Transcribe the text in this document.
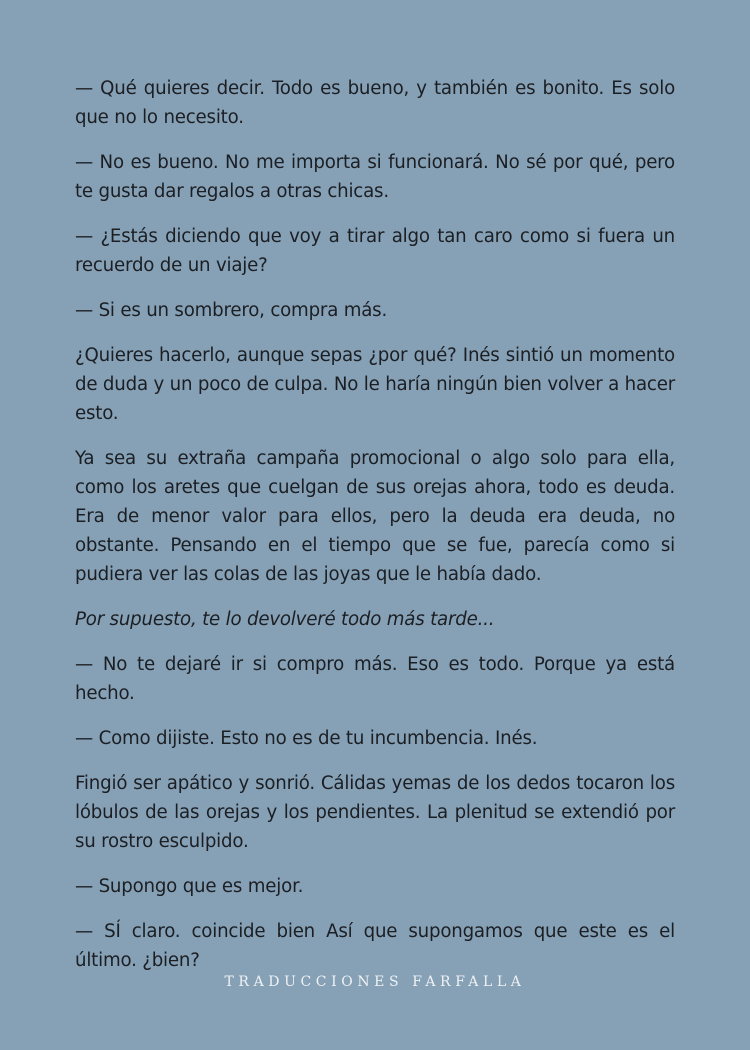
— Qué quieres decir. Todo es bueno, y también es bonito. Es solo que no lo necesito.

— No es bueno. No me importa si funcionará. No sé por qué, pero te gusta dar regalos a otras chicas.

— ¿Estás diciendo que voy a tirar algo tan caro como si fuera un recuerdo de un viaje?

— Si es un sombrero, compra más.

¿Quieres hacerlo, aunque sepas ¿por qué? Inés sintió un momento de duda y un poco de culpa. No le haría ningún bien volver a hacer esto.

Ya sea su extraña campaña promocional o algo solo para ella, como los aretes que cuelgan de sus orejas ahora, todo es deuda. Era de menor valor para ellos, pero la deuda era deuda, no obstante. Pensando en el tiempo que se fue, parecía como si pudiera ver las colas de las joyas que le había dado.

Por supuesto, te lo devolveré todo más tarde...

— No te dejaré ir si compro más. Eso es todo. Porque ya está hecho.

— Como dijiste. Esto no es de tu incumbencia. Inés.

Fingió ser apático y sonrió. Cálidas yemas de los dedos tocaron los lóbulos de las orejas y los pendientes. La plenitud se extendió por su rostro esculpido.

— Supongo que es mejor.

— SÍ claro. coincide bien Así que supongamos que este es el último. ¿bien?

TRADUCCIONES FARFALLA
